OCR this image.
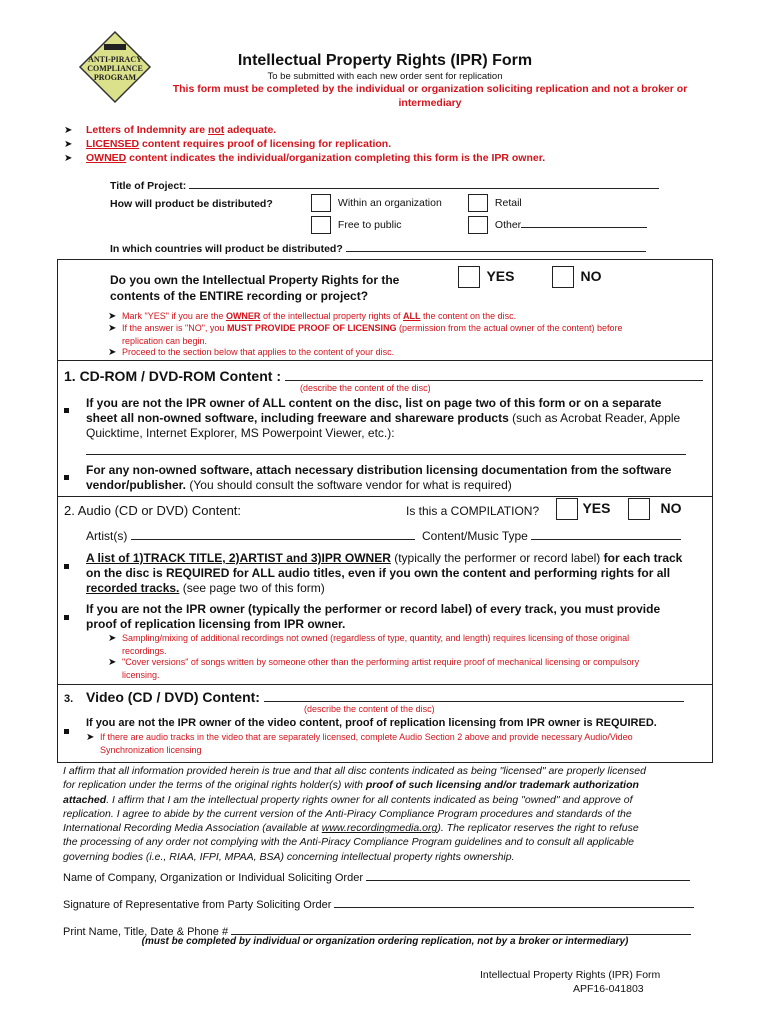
ANTI-PIRACY
COMPLIANCE
PROGRAM
Intellectual Property Rights (IPR) Form
To be submitted with each new order sent for replication
This form must be completed by the individual or organization soliciting replication and not a broker or intermediary
➤ Letters of Indemnity are not adequate.
➤ LICENSED content requires proof of licensing for replication.
➤ OWNED content indicates the individual/organization completing this form is the IPR owner.
Title of Project:
How will product be distributed?	Within an organization	Retail
Free to public	Other
In which countries will product be distributed?
Do you own the Intellectual Property Rights for the
contents of the ENTIRE recording or project?
YES	NO
➤ Mark "YES" if you are the OWNER of the intellectual property rights of ALL the content on the disc.
➤ If the answer is "NO", you MUST PROVIDE PROOF OF LICENSING (permission from the actual owner of the content) before
replication can begin.
➤ Proceed to the section below that applies to the content of your disc.
1. CD-ROM / DVD-ROM Content :
(describe the content of the disc)
If you are not the IPR owner of ALL content on the disc, list on page two of this form or on a separate
sheet all non-owned software, including freeware and shareware products (such as Acrobat Reader, Apple
Quicktime, Internet Explorer, MS Powerpoint Viewer, etc.):
For any non-owned software, attach necessary distribution licensing documentation from the software
vendor/publisher. (You should consult the software vendor for what is required)
2. Audio (CD or DVD) Content:	Is this a COMPILATION?	YES	NO
Artist(s)	Content/Music Type
A list of 1)TRACK TITLE, 2)ARTIST and 3)IPR OWNER (typically the performer or record label) for each track
on the disc is REQUIRED for ALL audio titles, even if you own the content and performing rights for all
recorded tracks. (see page two of this form)
If you are not the IPR owner (typically the performer or record label) of every track, you must provide
proof of replication licensing from IPR owner.
➤ Sampling/mixing of additional recordings not owned (regardless of type, quantity, and length) requires licensing of those original
recordings.
➤ "Cover versions" of songs written by someone other than the performing artist require proof of mechanical licensing or compulsory
licensing.
3. Video (CD / DVD) Content:
(describe the content of the disc)
If you are not the IPR owner of the video content, proof of replication licensing from IPR owner is REQUIRED.
➤ If there are audio tracks in the video that are separately licensed, complete Audio Section 2 above and provide necessary Audio/Video
Synchronization licensing
I affirm that all information provided herein is true and that all disc contents indicated as being "licensed" are properly licensed
for replication under the terms of the original rights holder(s) with proof of such licensing and/or trademark authorization
attached. I affirm that I am the intellectual property rights owner for all contents indicated as being "owned" and approve of
replication. I agree to abide by the current version of the Anti-Piracy Compliance Program procedures and standards of the
International Recording Media Association (available at www.recordingmedia.org). The replicator reserves the right to refuse
the processing of any order not complying with the Anti-Piracy Compliance Program guidelines and to consult all applicable
governing bodies (i.e., RIAA, IFPI, MPAA, BSA) concerning intellectual property rights ownership.
Name of Company, Organization or Individual Soliciting Order
Signature of Representative from Party Soliciting Order
Print Name, Title, Date & Phone #
(must be completed by individual or organization ordering replication, not by a broker or intermediary)
Intellectual Property Rights (IPR) Form
APF16-041803
